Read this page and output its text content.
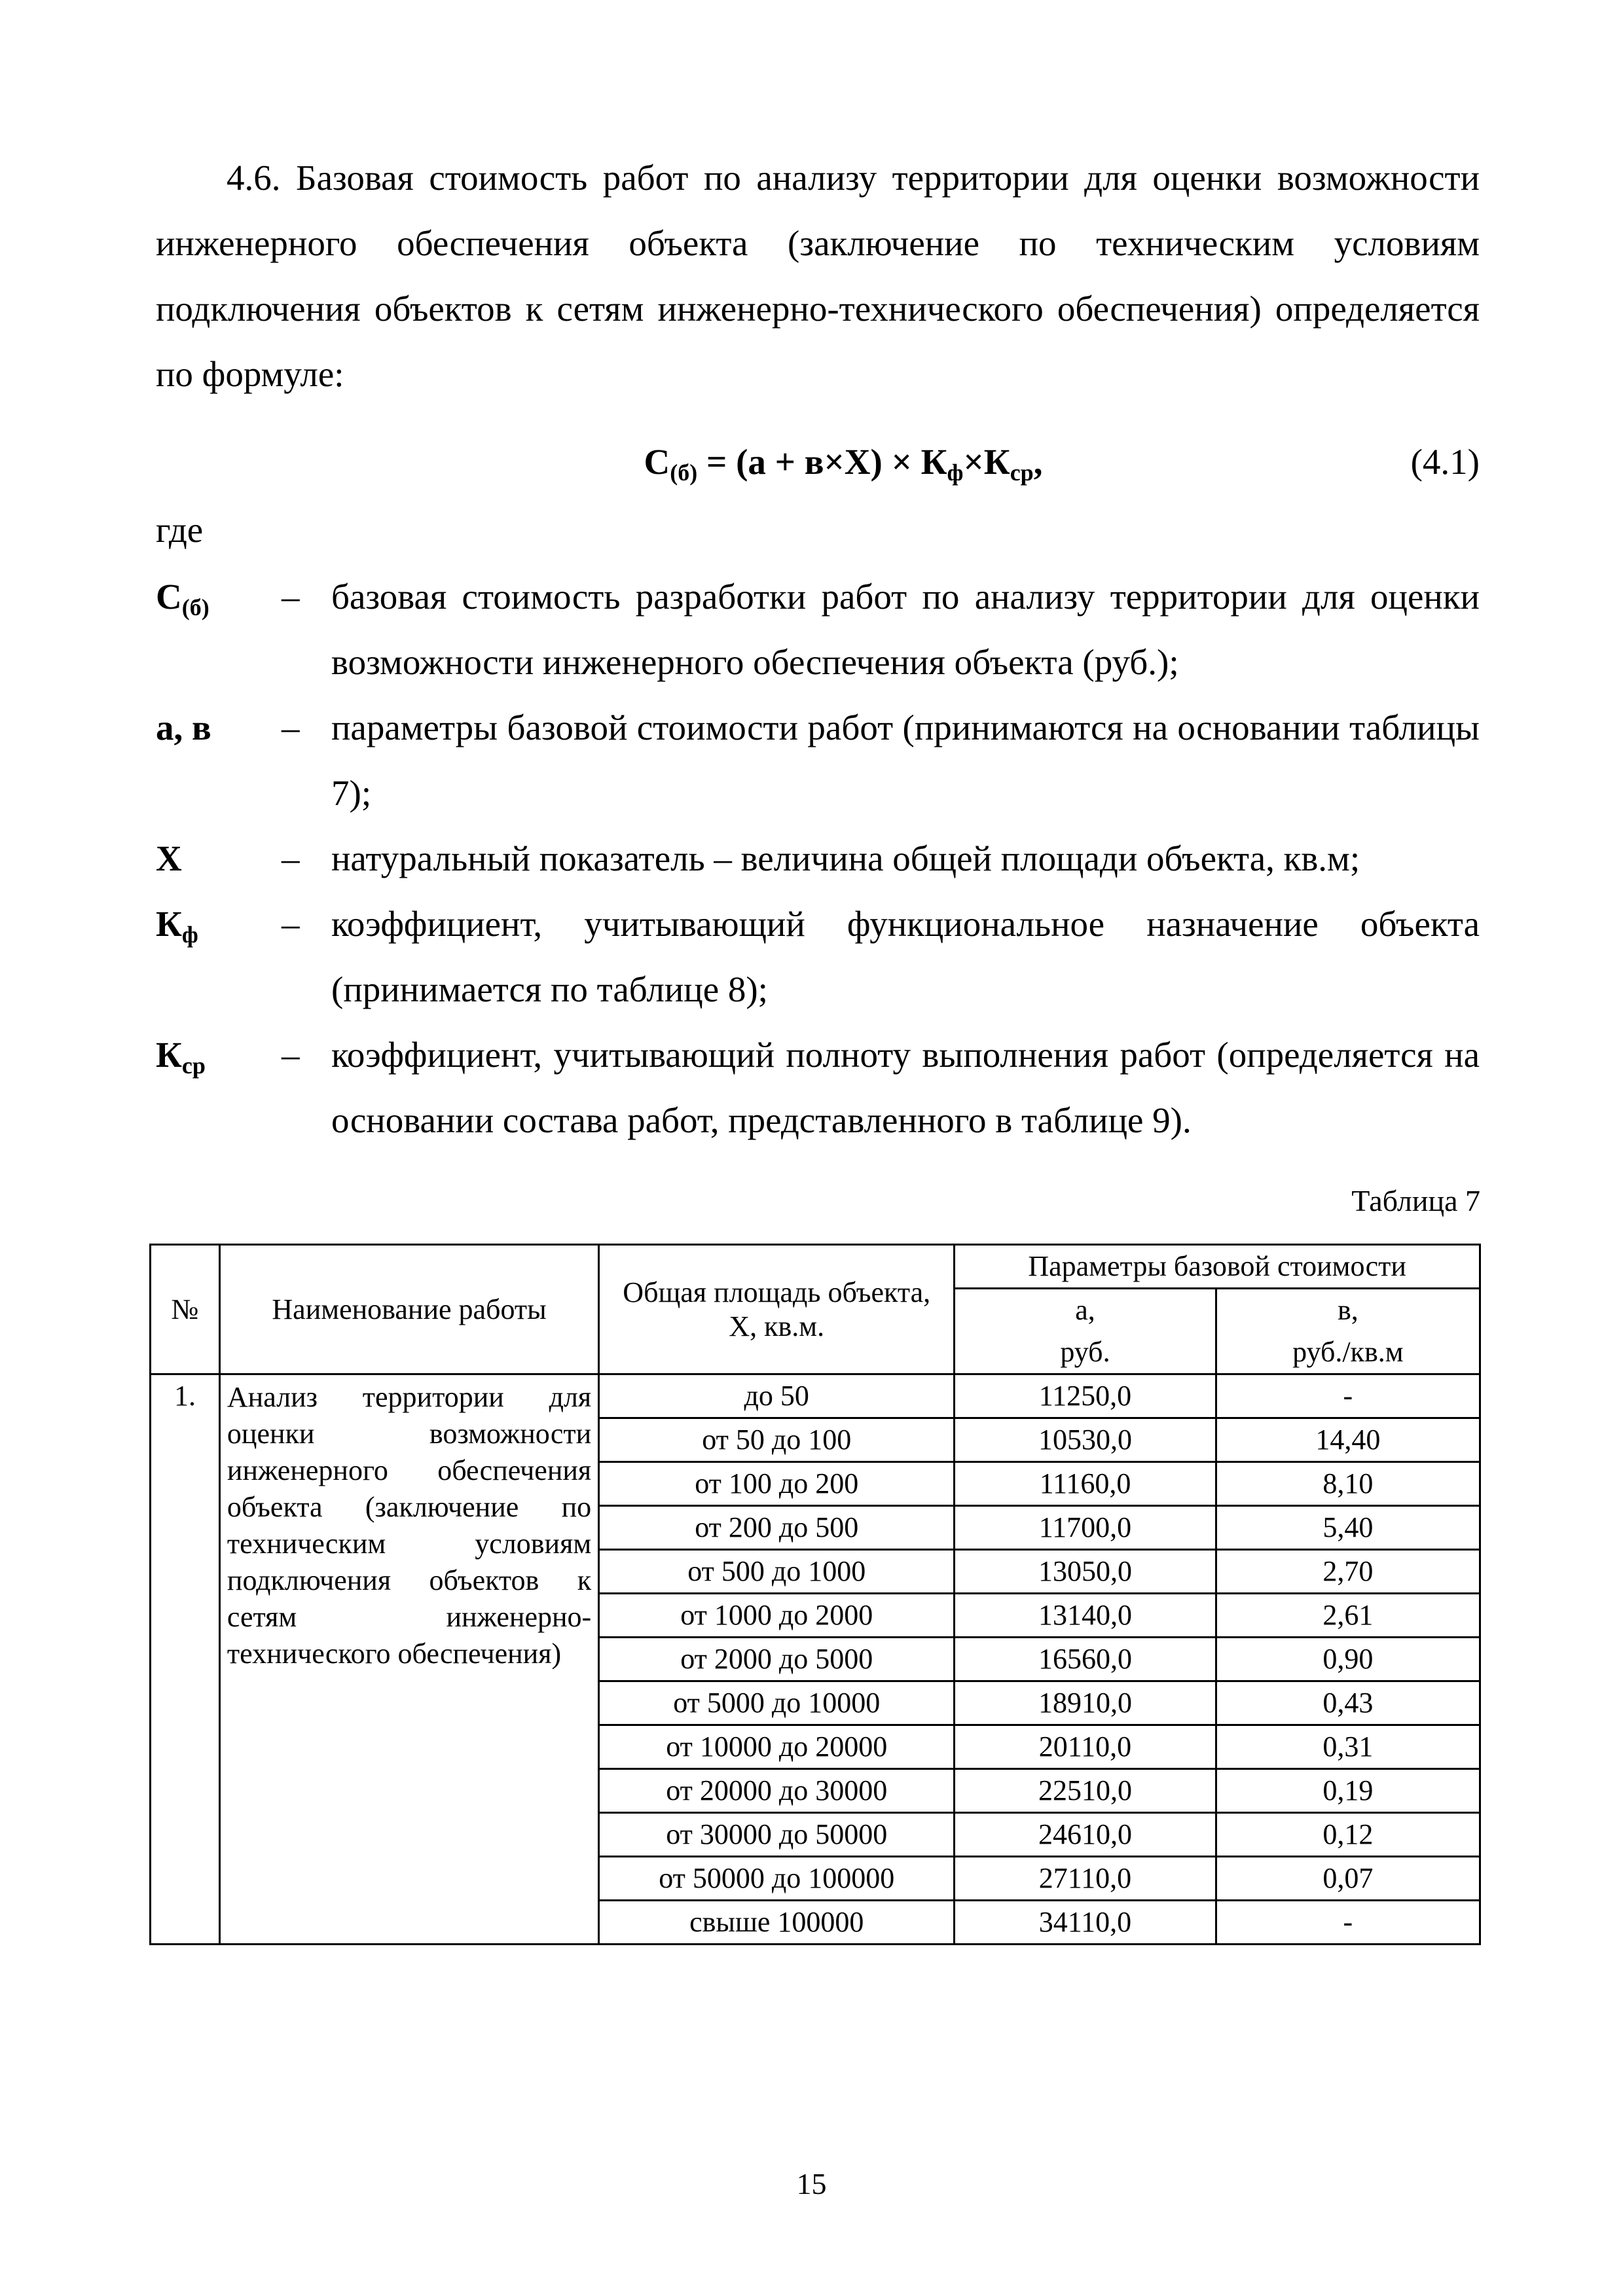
4.6. Базовая стоимость работ по анализу территории для оценки возможности инженерного обеспечения объекта (заключение по техническим условиям подключения объектов к сетям инженерно-технического обеспечения) определяется по формуле:

$С_{(б)} = (а + в\times Х) \times К_ф\times К_{ср}$,	(4.1)
где
$С_{(б)}$ – базовая стоимость разработки работ по анализу территории для оценки возможности инженерного обеспечения объекта (руб.);
а, в – параметры базовой стоимости работ (принимаются на основании таблицы 7);
Х	– натуральный показатель – величина общей площади объекта, кв.м;
$К_ф$ – коэффициент, учитывающий функциональное назначение объекта (принимается по таблице 8);
$К_{ср}$ – коэффициент, учитывающий полноту выполнения работ (определяется на основании состава работ, представленного в таблице 9).
Таблица 7
№	Наименование работы	Общая площадь объекта, Х, кв.м.	Параметры базовой стоимости	
			а,	в,
			руб.	руб./кв.м
1.	Анализ территории для оценки возможности инженерного обеспечения объекта (заключение по техническим условиям подключения объектов к сетям инженерно-технического обеспечения)	до 50	11250,0	-
		от 50 до 100	10530,0	14,40
		от 100 до 200	11160,0	8,10
		от 200 до 500	11700,0	5,40
		от 500 до 1000	13050,0	2,70
		от 1000 до 2000	13140,0	2,61
		от 2000 до 5000	16560,0	0,90
		от 5000 до 10000	18910,0	0,43
		от 10000 до 20000	20110,0	0,31
		от 20000 до 30000	22510,0	0,19
		от 30000 до 50000	24610,0	0,12
		от 50000 до 100000	27110,0	0,07
		свыше 100000	34110,0	-
15
